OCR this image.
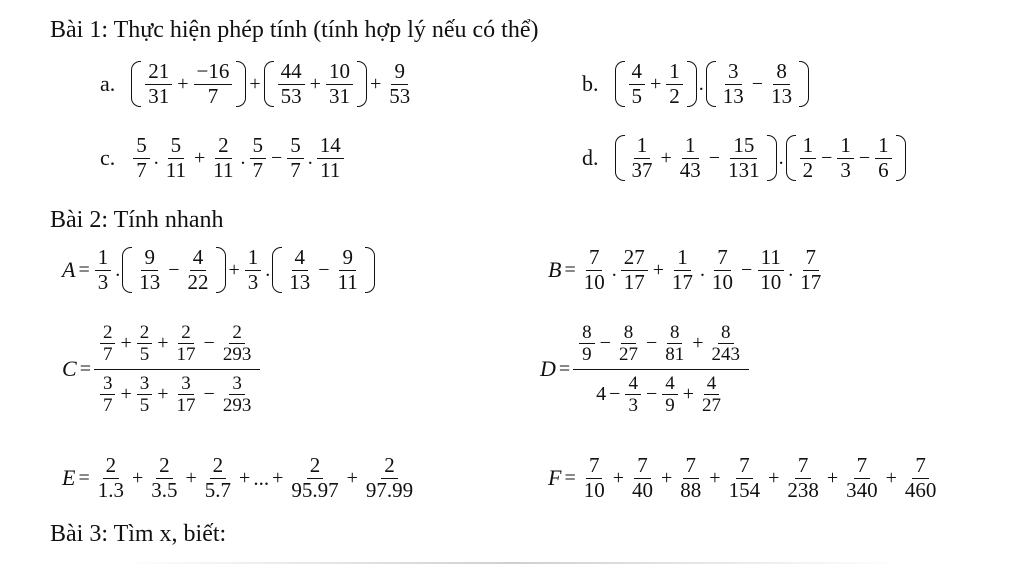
Bài 1: Thực hiện phép tính (tính hợp lý nếu có thể)
Bài 2: Tính nhanh
Bài 3: Tìm x, biết:
a. $\frac{21}{31} + \frac{-16}{7} + \frac{44}{53} + \frac{10}{31} + \frac{9}{53}$	b. $\frac{4}{5} + \frac{1}{2}$ . $\frac{3}{13} - \frac{8}{13}$
c. $\frac{5}{7}$ . $\frac{5}{11} + \frac{2}{11}$ . $\frac{5}{7} - \frac{5}{7}$ . $\frac{14}{11}$	d. $\frac{1}{37} + \frac{1}{43} - \frac{15}{131}$ . $\frac{1}{2} - \frac{1}{3} - \frac{1}{6}$
$A = \frac{1}{3}$ . $\frac{9}{13} - \frac{4}{22} + \frac{1}{3}$ . $\frac{4}{13} - \frac{9}{11}$	$B = \frac{7}{10}$ . $\frac{27}{17} + \frac{1}{17}$ . $\frac{7}{10} - \frac{11}{10}$ . $\frac{7}{17}$
$C = \frac{\frac{2}{7} + \frac{2}{5} + \frac{2}{17} - \frac{2}{293}}{\frac{3}{7} + \frac{3}{5} + \frac{3}{17} - \frac{3}{293}}$	$D = \frac{\frac{8}{9} - \frac{8}{27} - \frac{8}{81} + \frac{8}{243}}{4 - \frac{4}{3} - \frac{4}{9} + \frac{4}{27}}$
$E = \frac{2}{1.3} + \frac{2}{3.5} + \frac{2}{5.7}$ + ... + $\frac{2}{95.97} + \frac{2}{97.99}$	$F = \frac{7}{10} + \frac{7}{40} + \frac{7}{88} + \frac{7}{154} + \frac{7}{238} + \frac{7}{340} + \frac{7}{460}$
